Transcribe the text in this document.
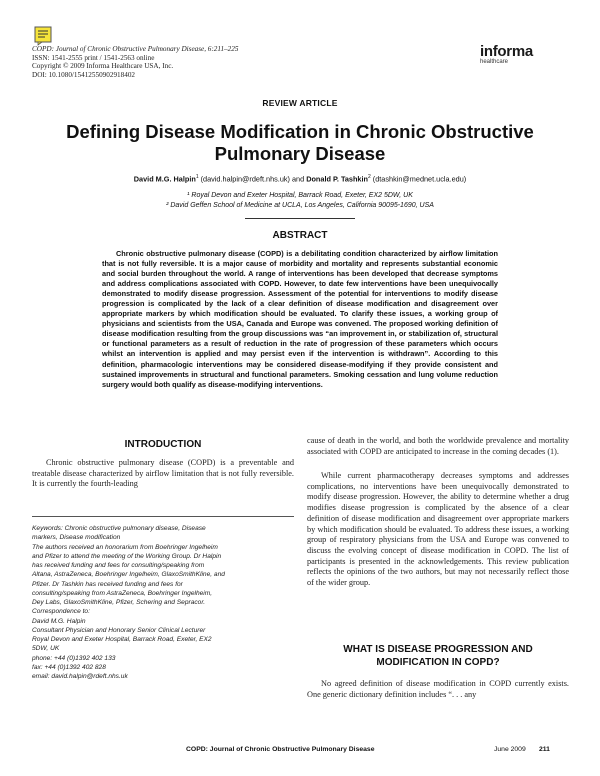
COPD: Journal of Chronic Obstructive Pulmonary Disease, 6:211–225
ISSN: 1541-2555 print / 1541-2563 online
Copyright © 2009 Informa Healthcare USA, Inc.
DOI: 10.1080/15412550902918402
informa
healthcare
REVIEW ARTICLE
Defining Disease Modification in Chronic Obstructive
Pulmonary Disease
David M.G. Halpin$^1$ (david.halpin@rdeft.nhs.uk) and Donald P. Tashkin$^2$ (dtashkin@mednet.ucla.edu)
¹ Royal Devon and Exeter Hospital, Barrack Road, Exeter, EX2 5DW, UK
² David Geffen School of Medicine at UCLA, Los Angeles, California 90095-1690, USA
ABSTRACT
Chronic obstructive pulmonary disease (COPD) is a debilitating condition characterized by airflow limitation that is not fully reversible. It is a major cause of morbidity and mortality and represents substantial economic and social burden throughout the world. A range of interventions has been developed that decrease symptoms and address complications associated with COPD. However, to date few interventions have been unequivocally demonstrated to modify disease progression. Assessment of the potential for interventions to modify disease progression is complicated by the lack of a clear definition of disease modification and disagreement over appropriate markers by which modification should be evaluated. To clarify these issues, a working group of physicians and scientists from the USA, Canada and Europe was convened. The proposed working definition of disease modification resulting from the group discussions was “an improvement in, or stabilization of, structural or functional parameters as a result of reduction in the rate of progression of these parameters which occurs whilst an intervention is applied and may persist even if the intervention is withdrawn”. According to this definition, pharmacologic interventions may be considered disease-modifying if they provide consistent and sustained improvements in structural and functional parameters. Smoking cessation and lung volume reduction surgery would both qualify as disease-modifying interventions.
INTRODUCTION
Chronic obstructive pulmonary disease (COPD) is a preventable and treatable disease characterized by airflow limitation that is not fully reversible. It is currently the fourth-leading
Keywords: Chronic obstructive pulmonary disease, Disease
markers, Disease modification
The authors received an honorarium from Boehringer Ingelheim
and Pfizer to attend the meeting of the Working Group. Dr Halpin
has received funding and fees for consulting/speaking from
Altana, AstraZeneca, Boehringer Ingelheim, GlaxoSmithKline, and
Pfizer. Dr Tashkin has received funding and fees for
consulting/speaking from AstraZeneca, Boehringer Ingelheim,
Dey Labs, GlaxoSmithKline, Pfizer, Schering and Sepracor.
Correspondence to:
David M.G. Halpin
Consultant Physician and Honorary Senior Clinical Lecturer
Royal Devon and Exeter Hospital, Barrack Road, Exeter, EX2
5DW, UK
phone: +44 (0)1392 402 133
fax: +44 (0)1392 402 828
email: david.halpin@rdeft.nhs.uk
cause of death in the world, and both the worldwide prevalence and mortality associated with COPD are anticipated to increase in the coming decades (1).
While current pharmacotherapy decreases symptoms and addresses complications, no interventions have been unequivocally demonstrated to modify disease progression. However, the ability to determine whether a drug modifies disease progression is complicated by the absence of a clear definition of disease modification and disagreement over appropriate markers by which modification should be evaluated. To address these issues, a working group of respiratory physicians from the USA and Europe was convened to discuss the evolving concept of disease modification in COPD. The list of participants is presented in the acknowledgements. This review publication reflects the opinions of the two authors, but may not necessarily reflect those of the wider group.
WHAT IS DISEASE PROGRESSION AND
MODIFICATION IN COPD?
No agreed definition of disease modification in COPD currently exists. One generic dictionary definition includes “. . . any
COPD: Journal of Chronic Obstructive Pulmonary Disease	June 2009 211
